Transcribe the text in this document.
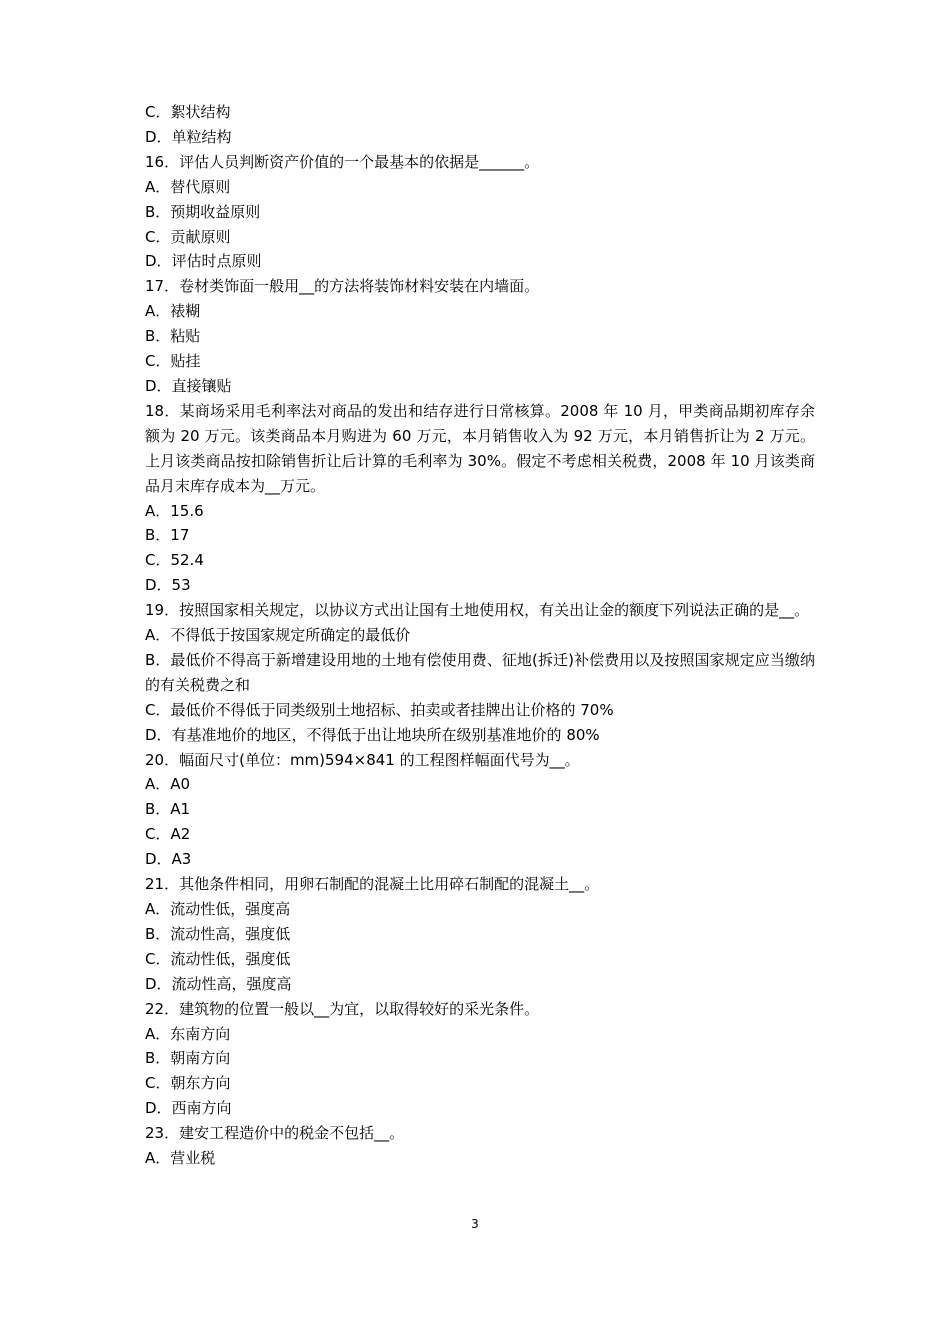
C．絮状结构

D．单粒结构

16．评估人员判断资产价值的一个最基本的依据是______。

A．替代原则

B．预期收益原则

C．贡献原则

D．评估时点原则

17．卷材类饰面一般用__的方法将装饰材料安装在内墙面。

A．裱糊

B．粘贴

C．贴挂

D．直接镶贴

18．某商场采用毛利率法对商品的发出和结存进行日常核算。2008 年 10 月，甲类商品期初库存余额为 20 万元。该类商品本月购进为 60 万元，本月销售收入为 92 万元，本月销售折让为 2 万元。上月该类商品按扣除销售折让后计算的毛利率为 30%。假定不考虑相关税费，2008 年 10 月该类商品月末库存成本为__万元。

A．15.6

B．17

C．52.4

D．53

19．按照国家相关规定，以协议方式出让国有土地使用权，有关出让金的额度下列说法正确的是__。

A．不得低于按国家规定所确定的最低价

B．最低价不得高于新增建设用地的土地有偿使用费、征地(拆迁)补偿费用以及按照国家规定应当缴纳的有关税费之和

C．最低价不得低于同类级别土地招标、拍卖或者挂牌出让价格的 70%

D．有基准地价的地区，不得低于出让地块所在级别基准地价的 80%

20．幅面尺寸(单位：mm)594×841 的工程图样幅面代号为__。

A．A0

B．A1

C．A2

D．A3

21．其他条件相同，用卵石制配的混凝土比用碎石制配的混凝土__。

A．流动性低，强度高

B．流动性高，强度低

C．流动性低，强度低

D．流动性高，强度高

22．建筑物的位置一般以__为宜，以取得较好的采光条件。

A．东南方向

B．朝南方向

C．朝东方向

D．西南方向

23．建安工程造价中的税金不包括__。

A．营业税

3
